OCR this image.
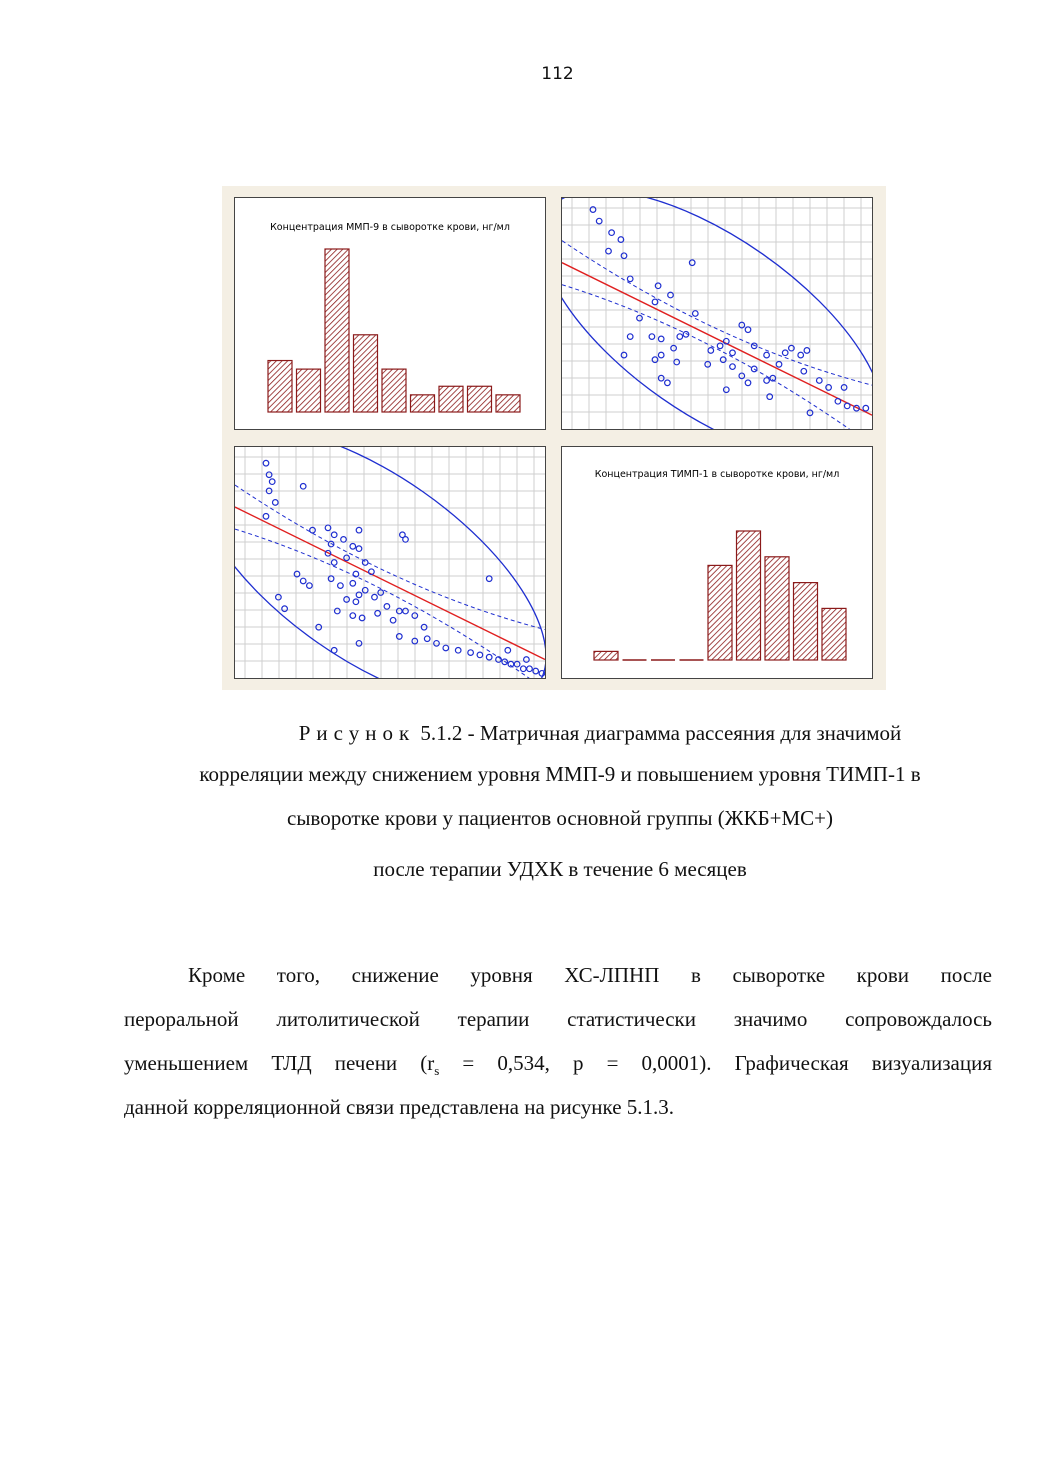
112
Концентрация ММП-9 в сыворотке крови, нг/мл
Концентрация ТИМП-1 в сыворотке крови, нг/мл
Рисунок 5.1.2 - Матричная диаграмма рассеяния для значимой
корреляции между снижением уровня ММП-9 и повышением уровня ТИМП-1 в
сыворотке крови у пациентов основной группы (ЖКБ+МС+)
после терапии УДХК в течение 6 месяцев
Кроме того, снижение уровня ХС-ЛПНП в сыворотке крови после
пероральной литолитической терапии статистически значимо сопровождалось
уменьшением ТЛД печени ($r_s = 0,534$, p = 0,0001). Графическая визуализация
данной корреляционной связи представлена на рисунке 5.1.3.
